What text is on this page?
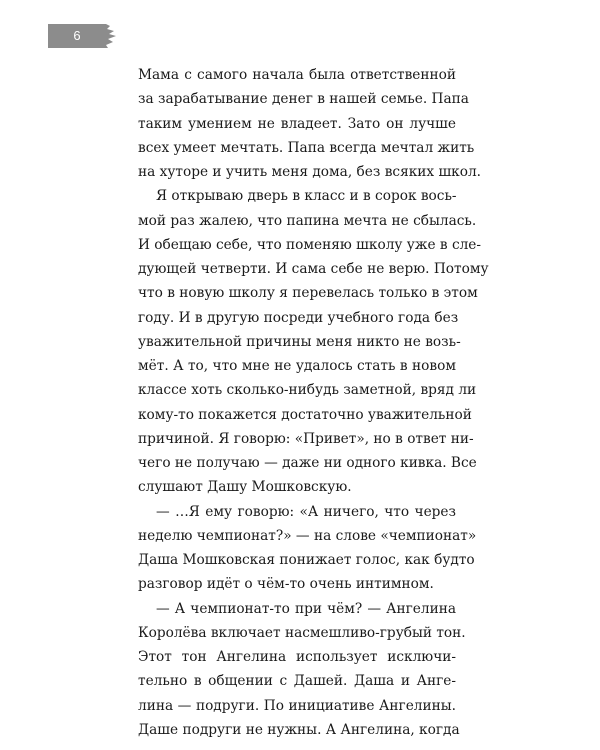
6
Мама с самого начала была ответственной
за зарабатывание денег в нашей семье. Папа
таким умением не владеет. Зато он лучше
всех умеет мечтать. Папа всегда мечтал жить
на хуторе и учить меня дома, без всяких школ.
Я открываю дверь в класс и в сорок вось-
мой раз жалею, что папина мечта не сбылась.
И обещаю себе, что поменяю школу уже в сле-
дующей четверти. И сама себе не верю. Потому
что в новую школу я перевелась только в этом
году. И в другую посреди учебного года без
уважительной причины меня никто не возь-
мёт. А то, что мне не удалось стать в новом
классе хоть сколько-нибудь заметной, вряд ли
кому-то покажется достаточно уважительной
причиной. Я говорю: «Привет», но в ответ ни-
чего не получаю — даже ни одного кивка. Все
слушают Дашу Мошковскую.
— …Я ему говорю: «А ничего, что через
неделю чемпионат?» — на слове «чемпионат»
Даша Мошковская понижает голос, как будто
разговор идёт о чём-то очень интимном.
— А чемпионат-то при чём? — Ангелина
Королёва включает насмешливо-грубый тон.
Этот тон Ангелина использует исключи-
тельно в общении с Дашей. Даша и Анге-
лина — подруги. По инициативе Ангелины.
Даше подруги не нужны. А Ангелина, когда
